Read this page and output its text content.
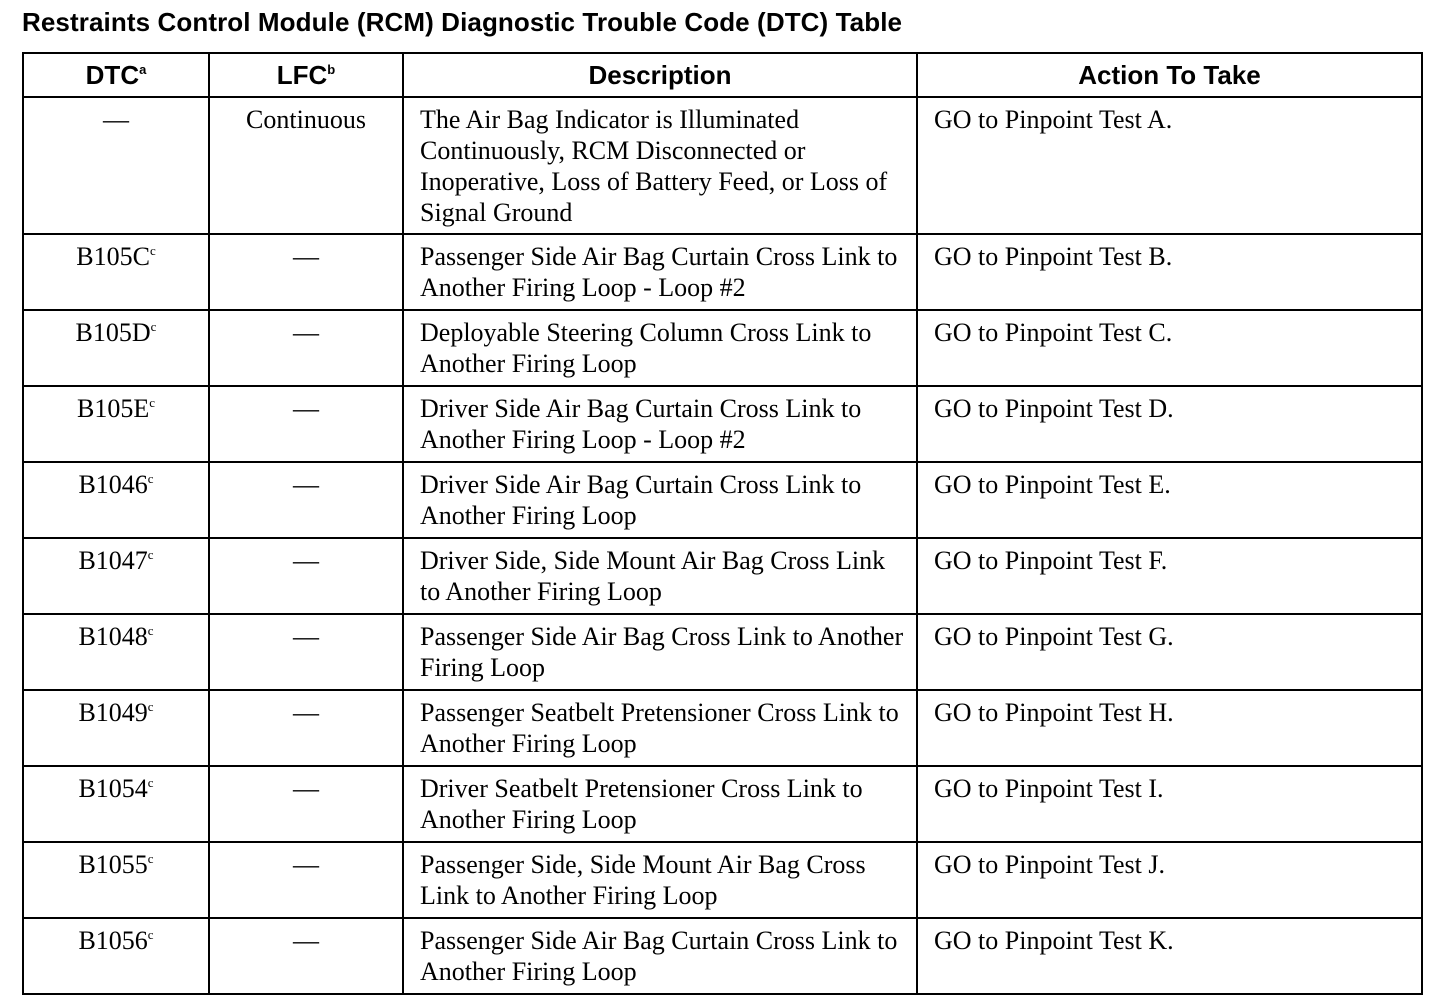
Restraints Control Module (RCM) Diagnostic Trouble Code (DTC) Table
DTC$^a$	LFC$^b$	Description	Action To Take
—	Continuous	The Air Bag Indicator is Illuminated Continuously, RCM Disconnected or Inoperative, Loss of Battery Feed, or Loss of Signal Ground	GO to Pinpoint Test A.
$B105C^c$	—	Passenger Side Air Bag Curtain Cross Link to Another Firing Loop - Loop #2	GO to Pinpoint Test B.
$B105D^c$	—	Deployable Steering Column Cross Link to Another Firing Loop	GO to Pinpoint Test C.
$B105E^c$	—	Driver Side Air Bag Curtain Cross Link to Another Firing Loop - Loop #2	GO to Pinpoint Test D.
B1046$^c$	—	Driver Side Air Bag Curtain Cross Link to Another Firing Loop	GO to Pinpoint Test E.
B1047$^c$	—	Driver Side, Side Mount Air Bag Cross Link to Another Firing Loop	GO to Pinpoint Test F.
B1048$^c$	—	Passenger Side Air Bag Cross Link to Another Firing Loop	GO to Pinpoint Test G.
B1049$^c$	—	Passenger Seatbelt Pretensioner Cross Link to Another Firing Loop	GO to Pinpoint Test H.
B1054$^c$	—	Driver Seatbelt Pretensioner Cross Link to Another Firing Loop	GO to Pinpoint Test I.
B1055$^c$	—	Passenger Side, Side Mount Air Bag Cross Link to Another Firing Loop	GO to Pinpoint Test J.
B1056$^c$	—	Passenger Side Air Bag Curtain Cross Link to Another Firing Loop	GO to Pinpoint Test K.
